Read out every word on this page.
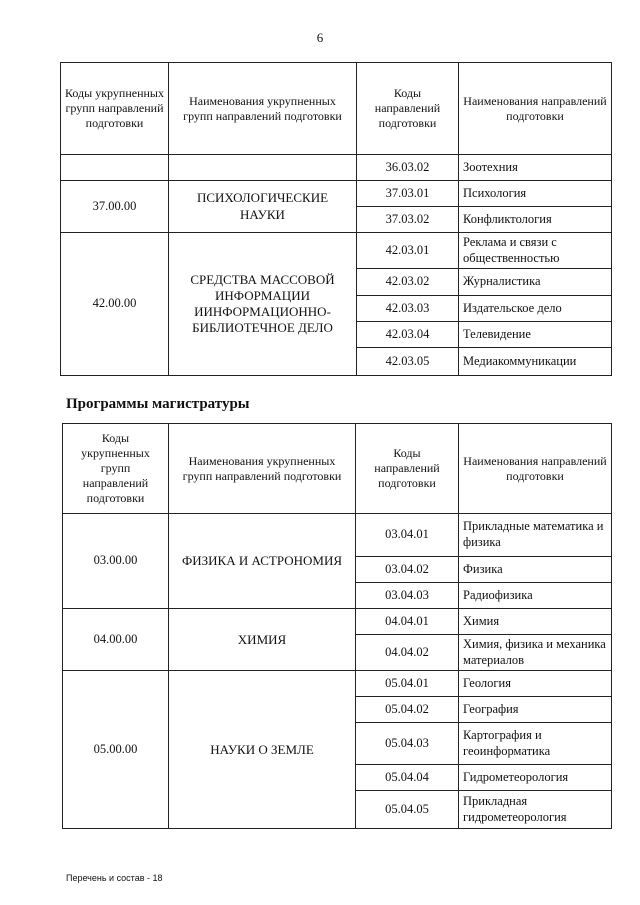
6
Коды укрупненных групп направлений подготовки	Наименования укрупненных групп направлений подготовки	Коды направлений подготовки	Наименования направлений подготовки
		36.03.02	Зоотехния
37.00.00	ПСИХОЛОГИЧЕСКИЕ НАУКИ	37.03.01	Психология
		37.03.02	Конфликтология
42.00.00	СРЕДСТВА МАССОВОЙ ИНФОРМАЦИИ ИИНФОРМАЦИОННО-БИБЛИОТЕЧНОЕ ДЕЛО	42.03.01	Реклама и связи с общественностью
		42.03.02	Журналистика
		42.03.03	Издательское дело
		42.03.04	Телевидение
		42.03.05	Медиакоммуникации
Программы магистратуры
Коды укрупненных групп направлений подготовки	Наименования укрупненных групп направлений подготовки	Коды направлений подготовки	Наименования направлений подготовки
03.00.00	ФИЗИКА И АСТРОНОМИЯ	03.04.01	Прикладные математика и физика
		03.04.02	Физика
		03.04.03	Радиофизика
04.00.00	ХИМИЯ	04.04.01	Химия
		04.04.02	Химия, физика и механика материалов
05.00.00	НАУКИ О ЗЕМЛЕ	05.04.01	Геология
		05.04.02	География
		05.04.03	Картография и геоинформатика
		05.04.04	Гидрометеорология
		05.04.05	Прикладная гидрометеорология
Перечень и состав - 18
